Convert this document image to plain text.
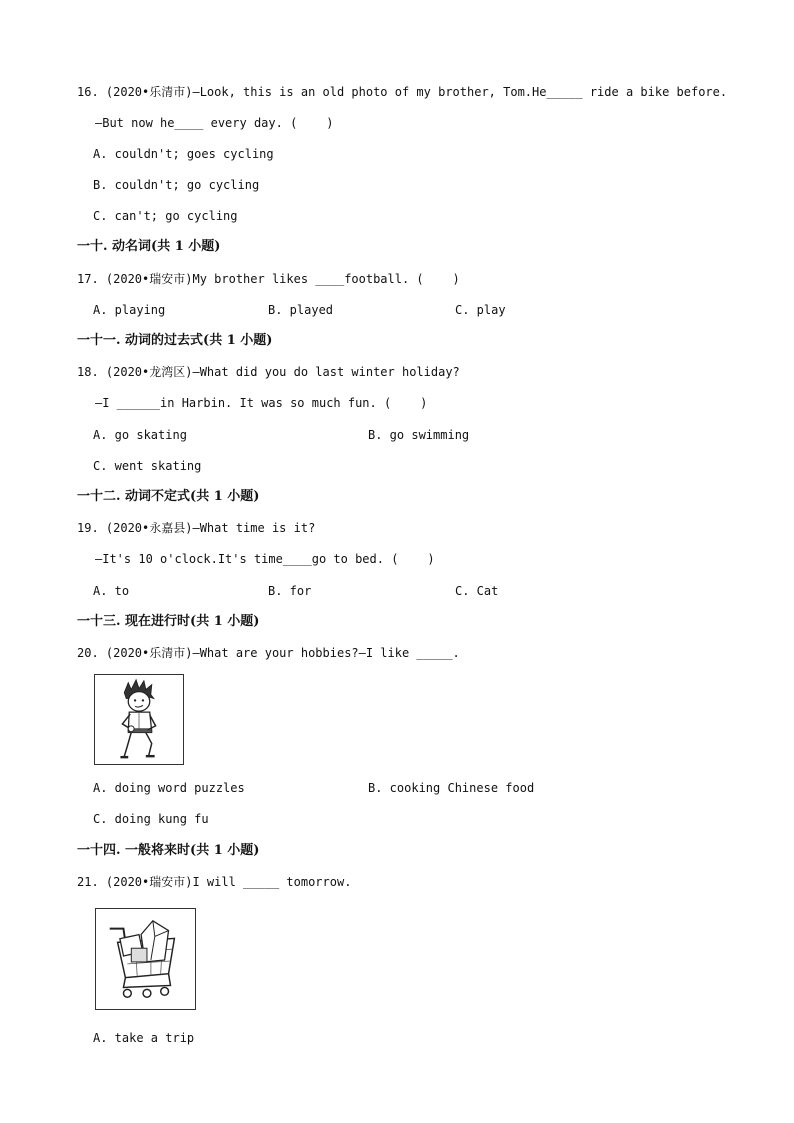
16. (2020•乐清市)–Look, this is an old photo of my brother, Tom.He_____ ride a bike before.
–But now he____ every day. (    )
A. couldn't; goes cycling
B. couldn't; go cycling
C. can't; go cycling
一十. 动名词(共 1 小题)
17. (2020•瑞安市)My brother likes ____football. (    )
A. playing	B. played	C. play
一十一. 动词的过去式(共 1 小题)
18. (2020•龙湾区)–What did you do last winter holiday?
–I ______in Harbin. It was so much fun. (    )
A. go skating	B. go swimming
C. went skating
一十二. 动词不定式(共 1 小题)
19. (2020•永嘉县)–What time is it?
–It's 10 o'clock.It's time____go to bed. (    )
A. to	B. for	C. Cat
一十三. 现在进行时(共 1 小题)
20. (2020•乐清市)–What are your hobbies?–I like _____.
A. doing word puzzles	B. cooking Chinese food
C. doing kung fu
一十四. 一般将来时(共 1 小题)
21. (2020•瑞安市)I will _____ tomorrow.
A. take a trip
